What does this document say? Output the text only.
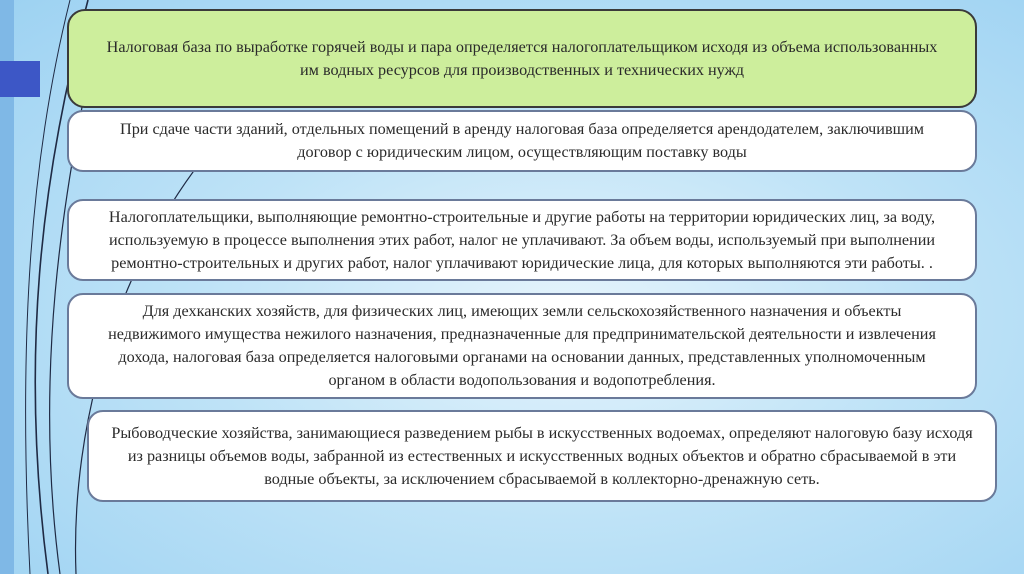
Налоговая база по выработке горячей воды и пара определяется налогоплательщиком исходя из объема использованных им водных ресурсов для производственных и технических нужд
При сдаче части зданий, отдельных помещений в аренду налоговая база определяется арендодателем, заключившим договор с юридическим лицом, осуществляющим поставку воды
Налогоплательщики, выполняющие ремонтно-строительные и другие работы на территории юридических лиц, за воду, используемую в процессе выполнения этих работ, налог не уплачивают. За объем воды, используемый при выполнении ремонтно-строительных и других работ, налог уплачивают юридические лица, для которых выполняются эти работы. .
Для дехканских хозяйств, для физических лиц, имеющих земли сельскохозяйственного назначения и объекты недвижимого имущества нежилого назначения, предназначенные для предпринимательской деятельности и извлечения дохода, налоговая база определяется налоговыми органами на основании данных, представленных уполномоченным органом в области водопользования и водопотребления.
Рыбоводческие хозяйства, занимающиеся разведением рыбы в искусственных водоемах, определяют налоговую базу исходя из разницы объемов воды, забранной из естественных и искусственных водных объектов и обратно сбрасываемой в эти водные объекты, за исключением сбрасываемой в коллекторно-дренажную сеть.
